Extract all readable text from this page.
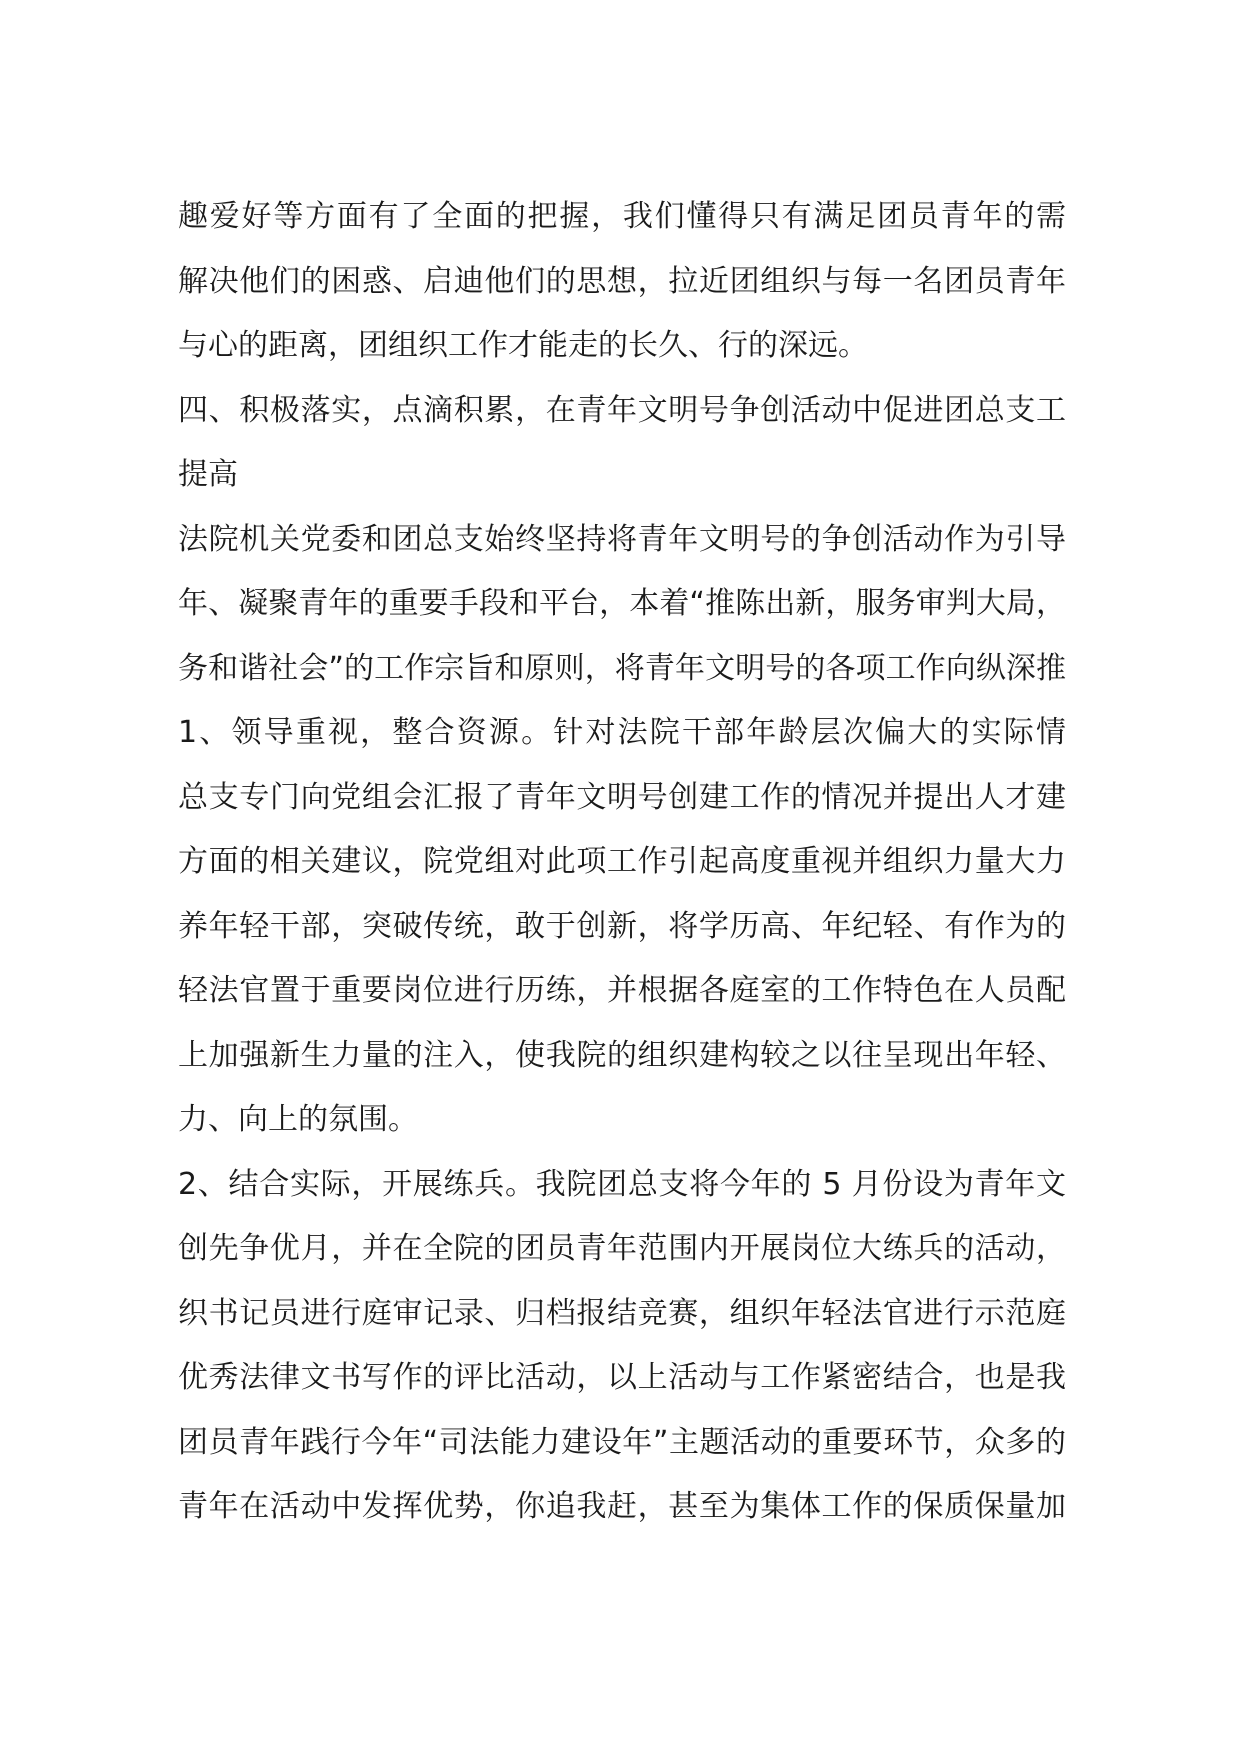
趣爱好等方面有了全面的把握，我们懂得只有满足团员青年的需
解决他们的困惑、启迪他们的思想，拉近团组织与每一名团员青年
与心的距离，团组织工作才能走的长久、行的深远。
四、积极落实，点滴积累，在青年文明号争创活动中促进团总支工
提高
法院机关党委和团总支始终坚持将青年文明号的争创活动作为引导
年、凝聚青年的重要手段和平台，本着“推陈出新，服务审判大局，
务和谐社会”的工作宗旨和原则，将青年文明号的各项工作向纵深推
1、领导重视，整合资源。针对法院干部年龄层次偏大的实际情
总支专门向党组会汇报了青年文明号创建工作的情况并提出人才建
方面的相关建议，院党组对此项工作引起高度重视并组织力量大力
养年轻干部，突破传统，敢于创新，将学历高、年纪轻、有作为的
轻法官置于重要岗位进行历练，并根据各庭室的工作特色在人员配
上加强新生力量的注入，使我院的组织建构较之以往呈现出年轻、
力、向上的氛围。
2、结合实际，开展练兵。我院团总支将今年的 5 月份设为青年文
创先争优月，并在全院的团员青年范围内开展岗位大练兵的活动，
织书记员进行庭审记录、归档报结竞赛，组织年轻法官进行示范庭
优秀法律文书写作的评比活动，以上活动与工作紧密结合，也是我
团员青年践行今年“司法能力建设年”主题活动的重要环节，众多的
青年在活动中发挥优势，你追我赶，甚至为集体工作的保质保量加
